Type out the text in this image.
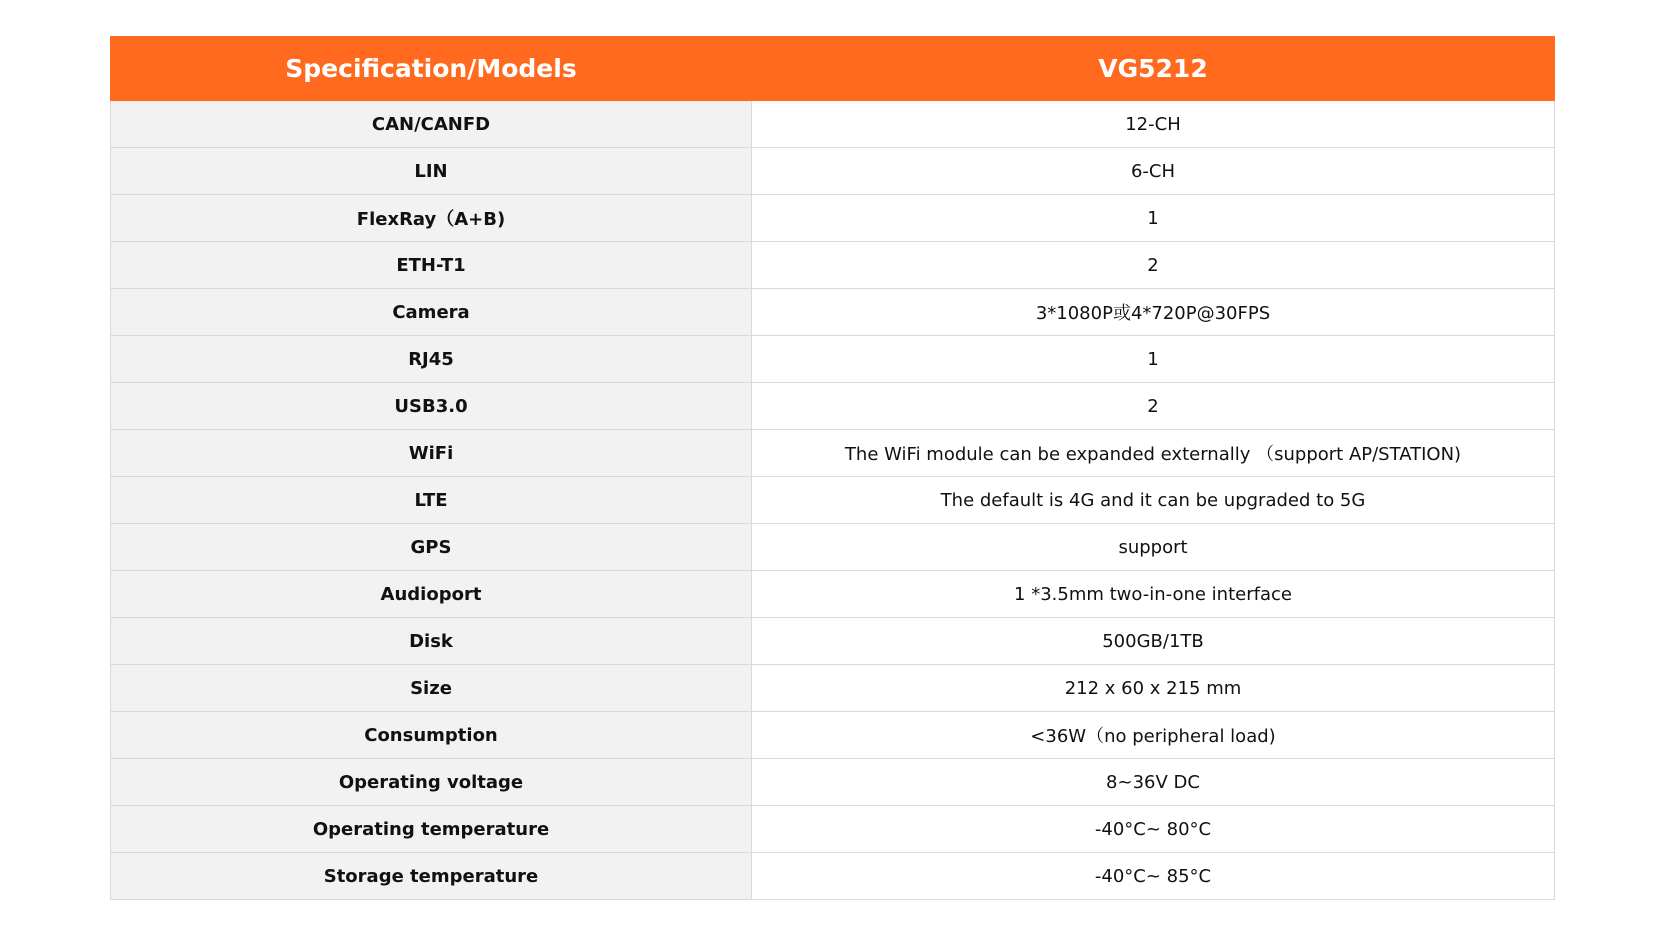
Specification/Models	VG5212
CAN/CANFD	12-CH
LIN	6-CH
FlexRay（A+B)	1
ETH-T1	2
Camera	3*1080P或4*720P@30FPS
RJ45	1
USB3.0	2
WiFi	The WiFi module can be expanded externally （support AP/STATION)
LTE	The default is 4G and it can be upgraded to 5G
GPS	support
Audioport	1 *3.5mm two-in-one interface
Disk	500GB/1TB
Size	212 x 60 x 215 mm
Consumption	<36W（no peripheral load)
Operating voltage	8~36V DC
Operating temperature	-40°C~ 80°C
Storage temperature	-40°C~ 85°C
